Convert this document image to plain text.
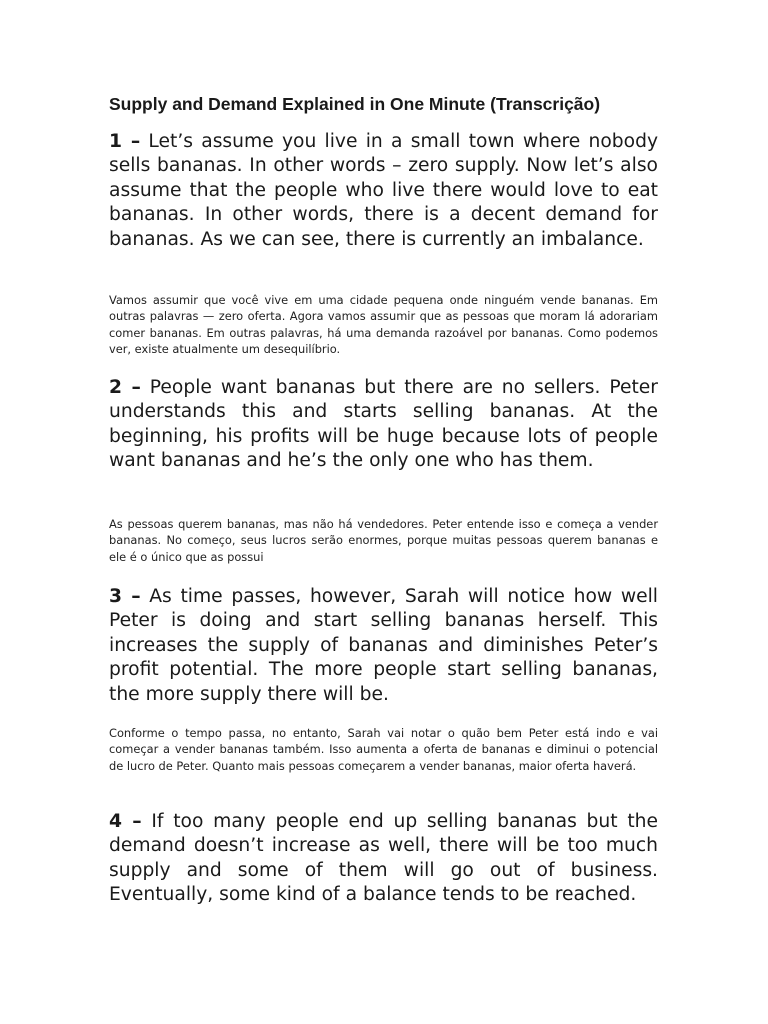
Supply and Demand Explained in One Minute (Transcrição)

1 – Let’s assume you live in a small town where nobody sells bananas. In other words – zero supply. Now let’s also assume that the people who live there would love to eat bananas. In other words, there is a decent demand for bananas. As we can see, there is currently an imbalance.

Vamos assumir que você vive em uma cidade pequena onde ninguém vende bananas. Em outras palavras — zero oferta. Agora vamos assumir que as pessoas que moram lá adorariam comer bananas. Em outras palavras, há uma demanda razoável por bananas. Como podemos ver, existe atualmente um desequilíbrio.

2 – People want bananas but there are no sellers. Peter understands this and starts selling bananas. At the beginning, his profits will be huge because lots of people want bananas and he’s the only one who has them.

As pessoas querem bananas, mas não há vendedores. Peter entende isso e começa a vender bananas. No começo, seus lucros serão enormes, porque muitas pessoas querem bananas e ele é o único que as possui

3 – As time passes, however, Sarah will notice how well Peter is doing and start selling bananas herself. This increases the supply of bananas and diminishes Peter’s profit potential. The more people start selling bananas, the more supply there will be.

Conforme o tempo passa, no entanto, Sarah vai notar o quão bem Peter está indo e vai começar a vender bananas também. Isso aumenta a oferta de bananas e diminui o potencial de lucro de Peter. Quanto mais pessoas começarem a vender bananas, maior oferta haverá.

4 – If too many people end up selling bananas but the demand doesn’t increase as well, there will be too much supply and some of them will go out of business. Eventually, some kind of a balance tends to be reached.
